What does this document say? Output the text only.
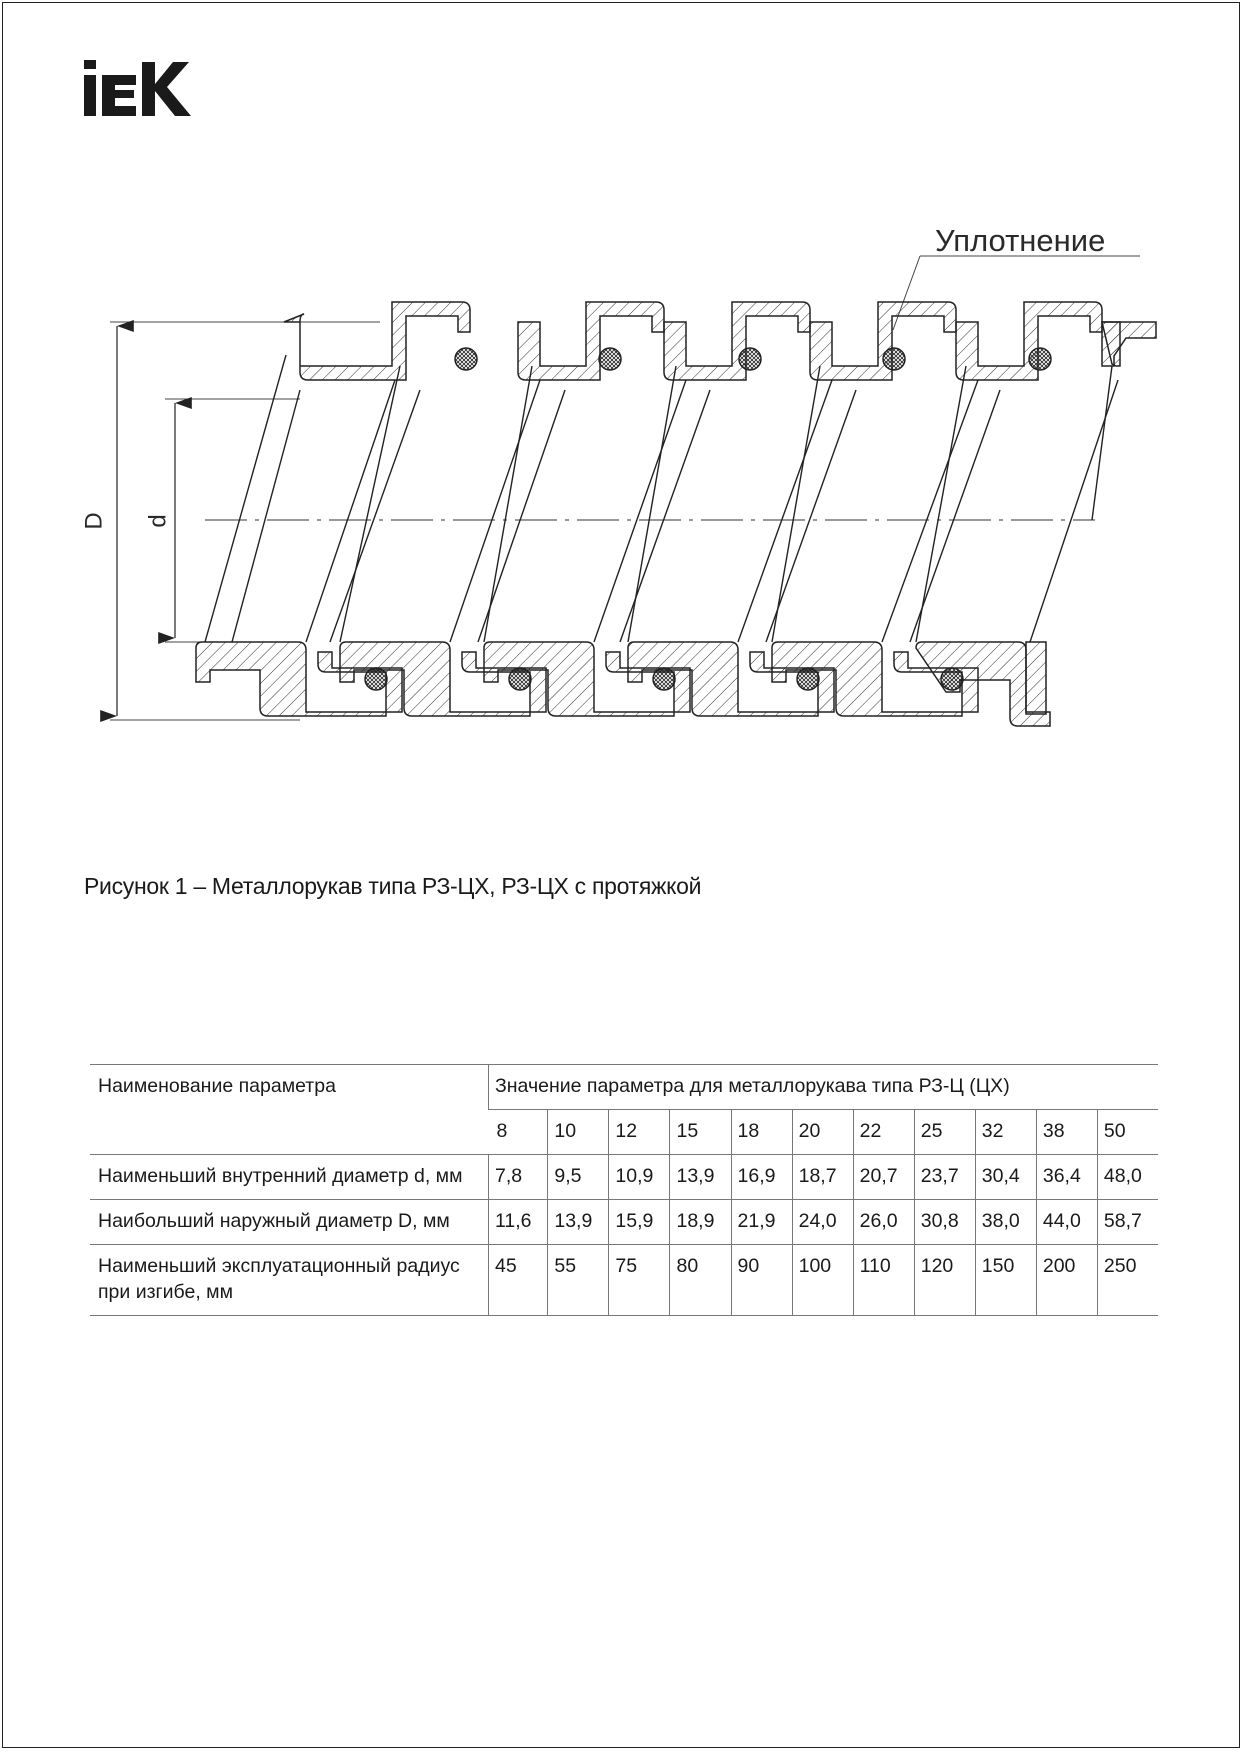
Уплотнение
D d
Рисунок 1 – Металлорукав типа РЗ-ЦХ, РЗ-ЦХ с протяжкой
Наименование параметра	Значение параметра для металлорукава типа РЗ-Ц (ЦХ)										
	8	10	12	15	18	20	22	25	32	38	50
Наименьший внутренний диаметр d, мм	7,8	9,5	10,9	13,9	16,9	18,7	20,7	23,7	30,4	36,4	48,0
Наибольший наружный диаметр D, мм	11,6	13,9	15,9	18,9	21,9	24,0	26,0	30,8	38,0	44,0	58,7
Наименьший эксплуатационный радиус при изгибе, мм	45	55	75	80	90	100	110	120	150	200	250
